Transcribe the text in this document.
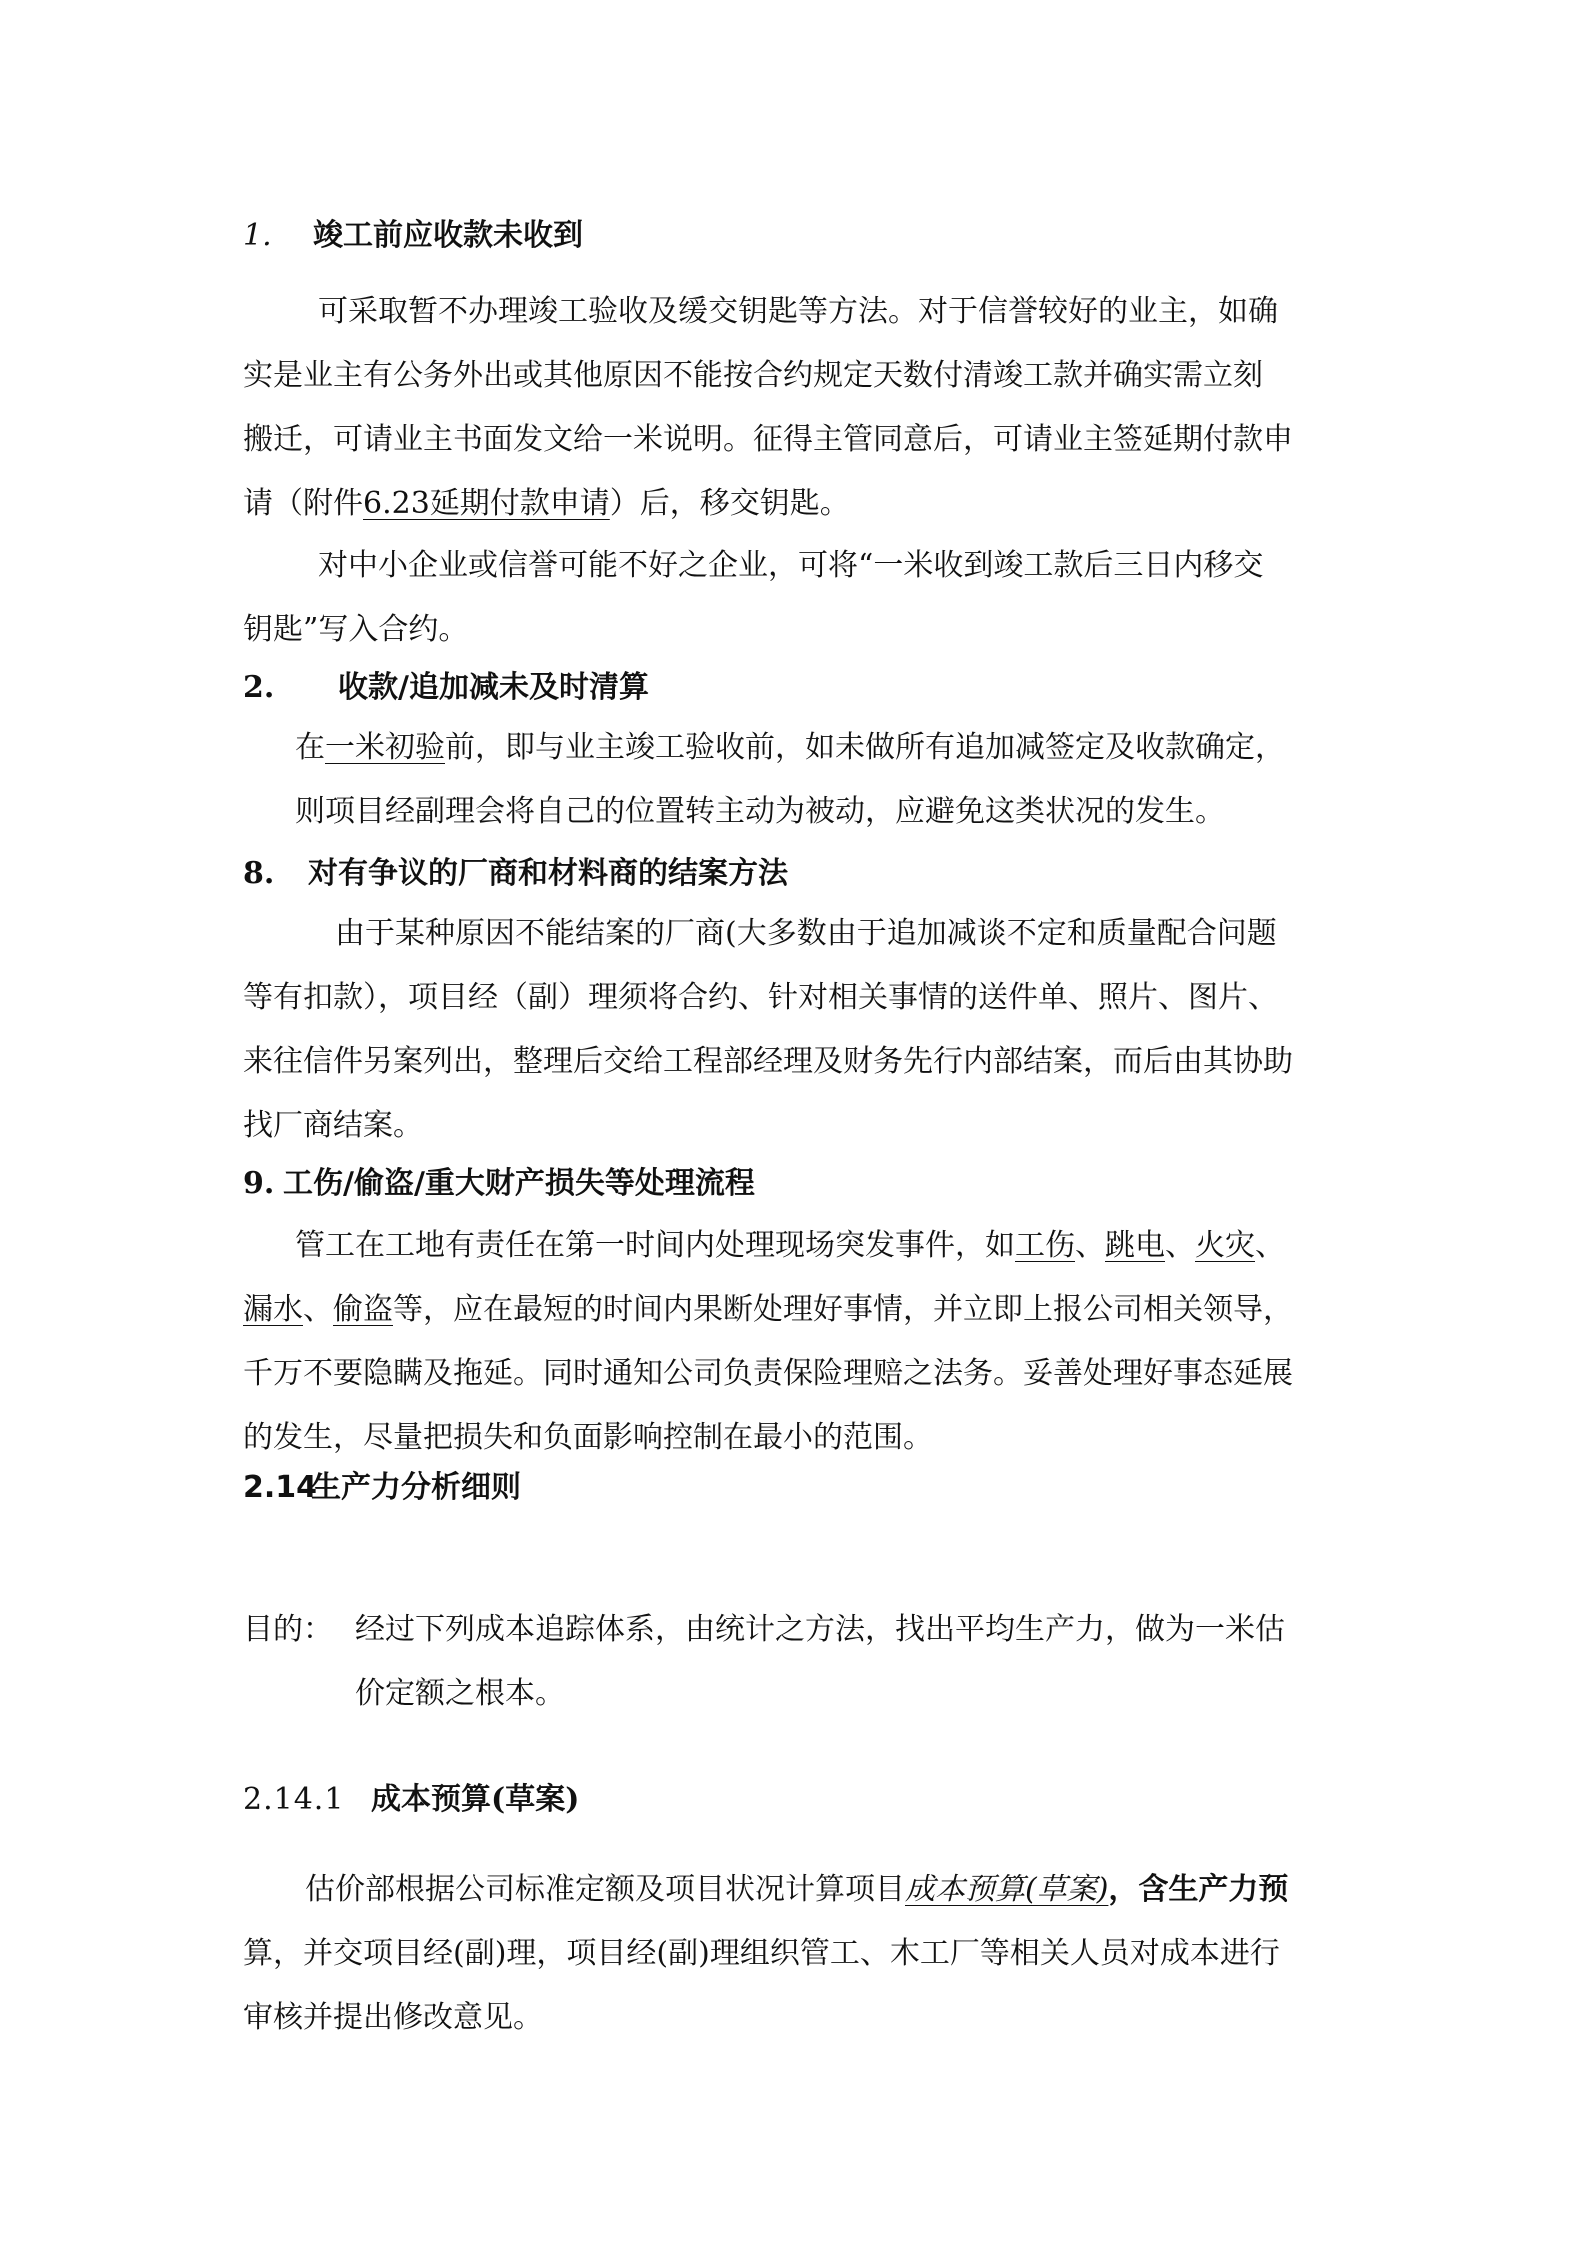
1. 竣工前应收款未收到
可采取暂不办理竣工验收及缓交钥匙等方法。对于信誉较好的业主，如确
实是业主有公务外出或其他原因不能按合约规定天数付清竣工款并确实需立刻
搬迁，可请业主书面发文给一米说明。征得主管同意后，可请业主签延期付款申
请（附件6.23延期付款申请）后，移交钥匙。
对中小企业或信誉可能不好之企业，可将“一米收到竣工款后三日内移交
钥匙”写入合约。
2. 收款/追加减未及时清算
在一米初验前，即与业主竣工验收前，如未做所有追加减签定及收款确定，
则项目经副理会将自己的位置转主动为被动，应避免这类状况的发生。
8. 对有争议的厂商和材料商的结案方法
由于某种原因不能结案的厂商(大多数由于追加减谈不定和质量配合问题
等有扣款），项目经（副）理须将合约、针对相关事情的送件单、照片、图片、
来往信件另案列出，整理后交给工程部经理及财务先行内部结案，而后由其协助
找厂商结案。
9. 工伤/偷盗/重大财产损失等处理流程
管工在工地有责任在第一时间内处理现场突发事件，如工伤、跳电、火灾、
漏水、偷盗等，应在最短的时间内果断处理好事情，并立即上报公司相关领导，
千万不要隐瞒及拖延。同时通知公司负责保险理赔之法务。妥善处理好事态延展
的发生，尽量把损失和负面影响控制在最小的范围。
2.14生产力分析细则
目的： 经过下列成本追踪体系，由统计之方法，找出平均生产力，做为一米估
价定额之根本。
2.14.1 成本预算(草案)
估价部根据公司标准定额及项目状况计算项目成本预算(草案)，含生产力预
算，并交项目经(副)理，项目经(副)理组织管工、木工厂等相关人员对成本进行
审核并提出修改意见。
